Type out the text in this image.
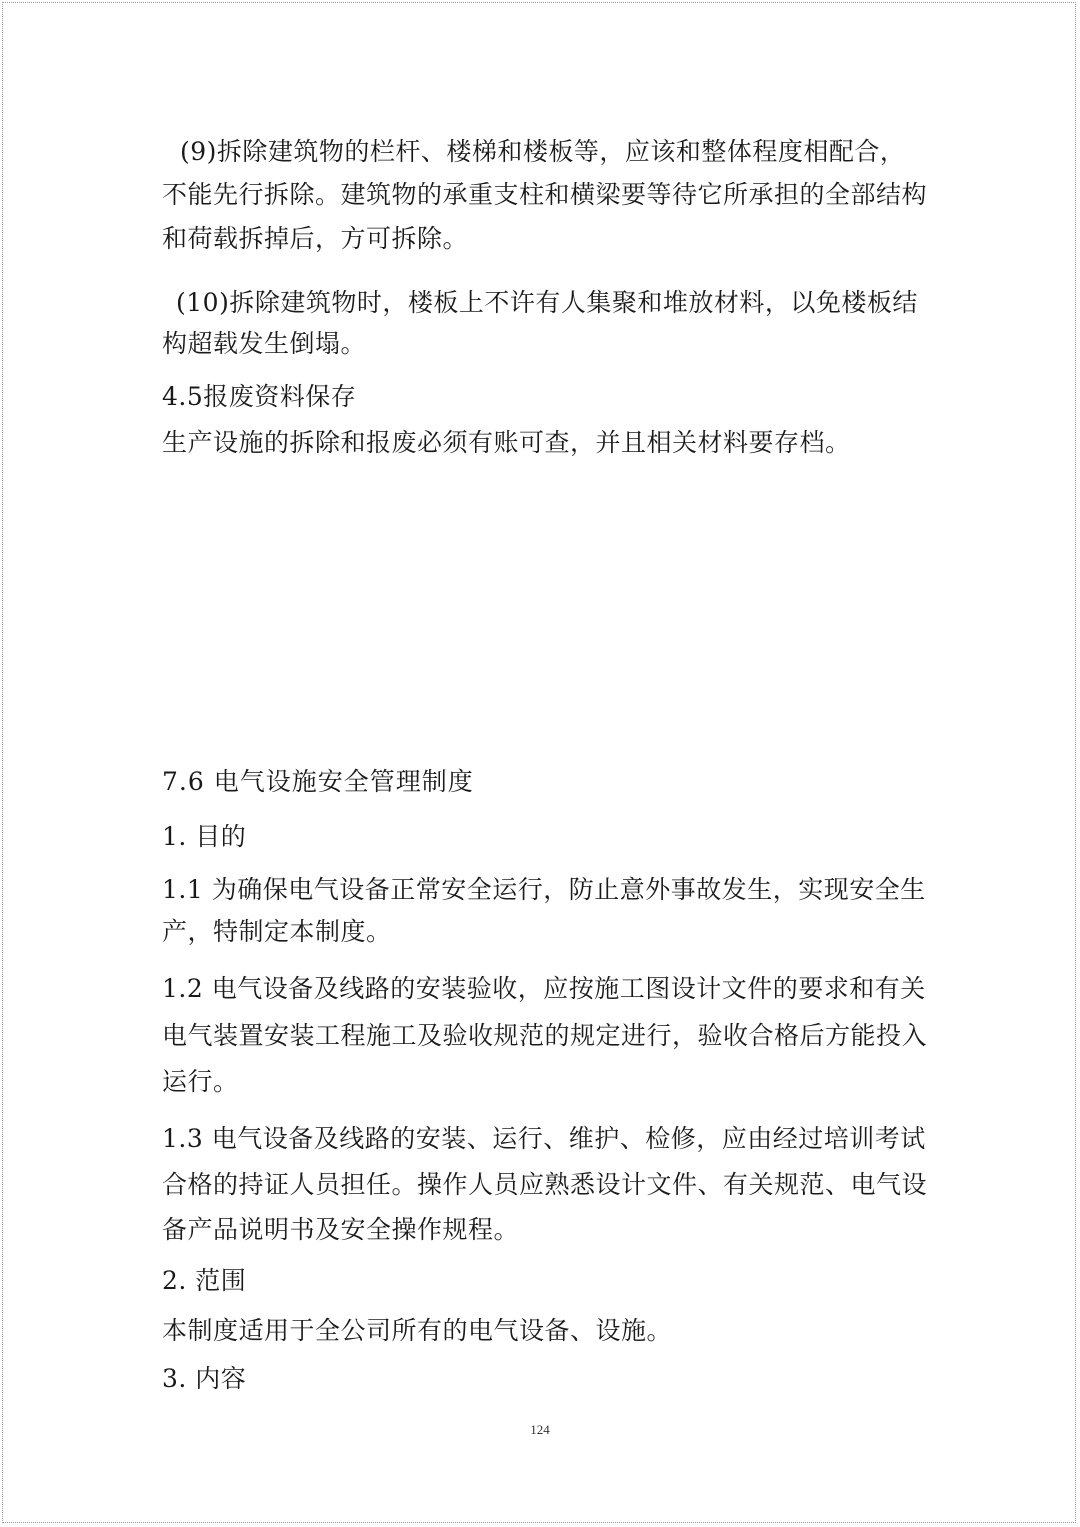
(9)拆除建筑物的栏杆、楼梯和楼板等，应该和整体程度相配合，
不能先行拆除。建筑物的承重支柱和横梁要等待它所承担的全部结构
和荷载拆掉后，方可拆除。
(10)拆除建筑物时，楼板上不许有人集聚和堆放材料，以免楼板结
构超载发生倒塌。
4.5报废资料保存
生产设施的拆除和报废必须有账可查，并且相关材料要存档。
7.6 电气设施安全管理制度
1. 目的
1.1 为确保电气设备正常安全运行，防止意外事故发生，实现安全生
产，特制定本制度。
1.2 电气设备及线路的安装验收，应按施工图设计文件的要求和有关
电气装置安装工程施工及验收规范的规定进行，验收合格后方能投入
运行。
1.3 电气设备及线路的安装、运行、维护、检修，应由经过培训考试
合格的持证人员担任。操作人员应熟悉设计文件、有关规范、电气设
备产品说明书及安全操作规程。
2. 范围
本制度适用于全公司所有的电气设备、设施。
3. 内容
124
